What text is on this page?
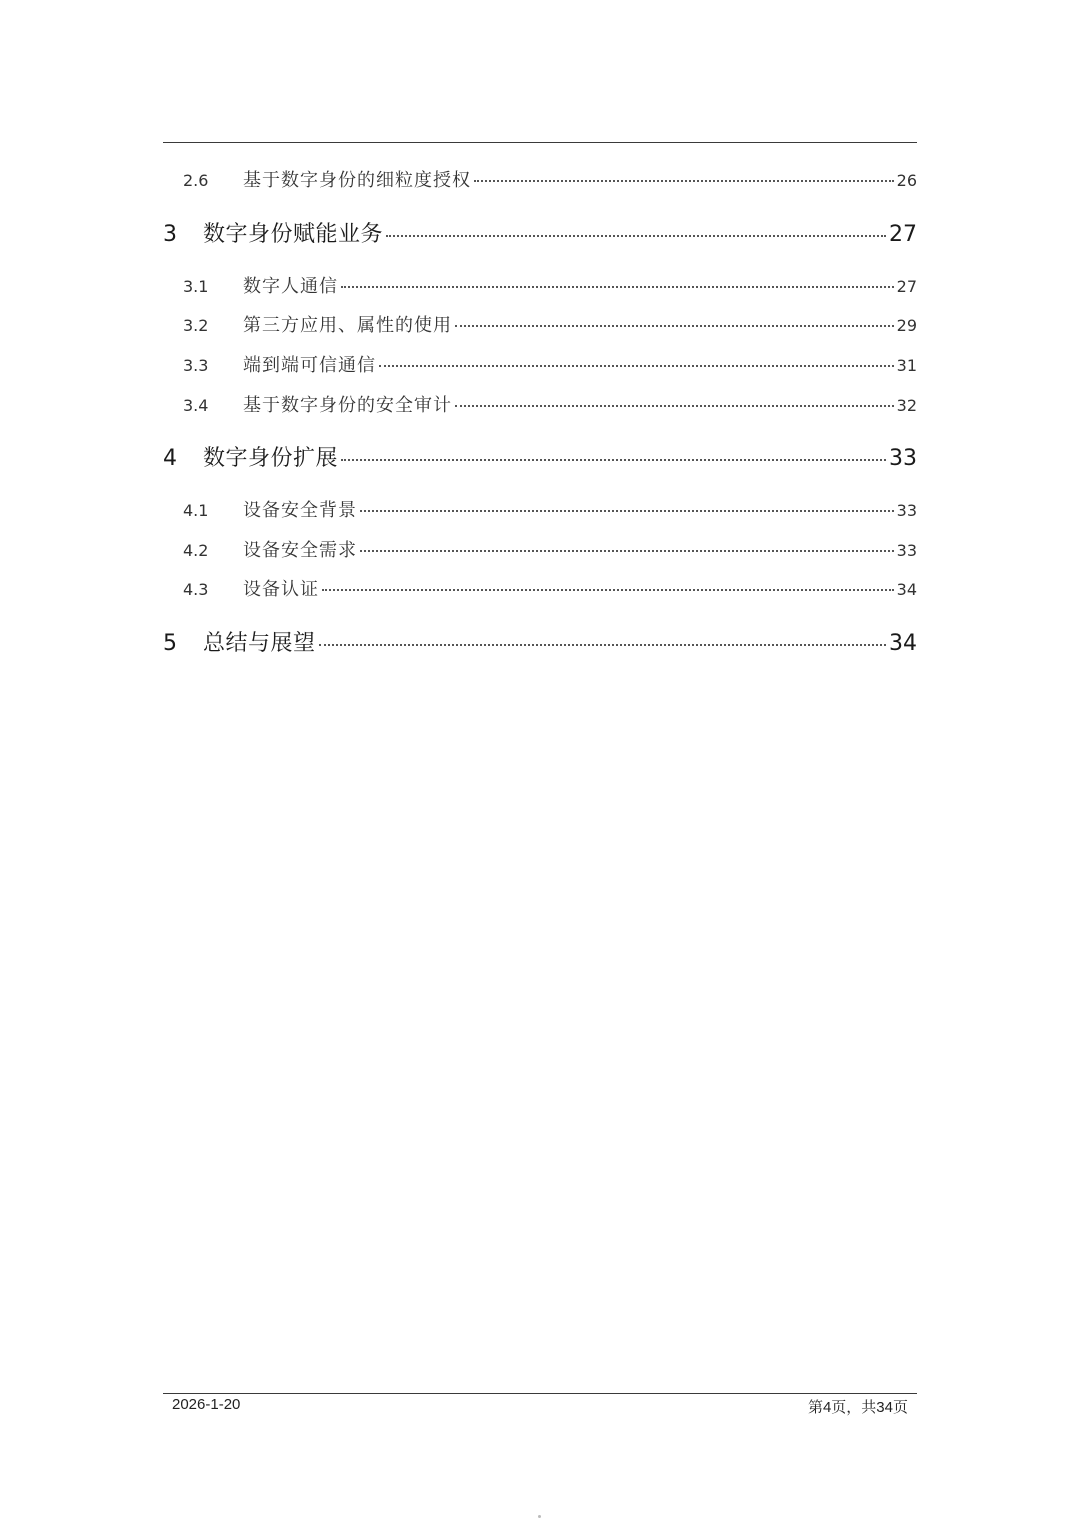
2.6	基于数字身份的细粒度授权	26
3	数字身份赋能业务	27
3.1	数字人通信	27
3.2	第三方应用、属性的使用	29
3.3	端到端可信通信	31
3.4	基于数字身份的安全审计	32
4	数字身份扩展	33
4.1	设备安全背景	33
4.2	设备安全需求	33
4.3	设备认证	34
5	总结与展望	34
2026-1-20	第4页，共34页
